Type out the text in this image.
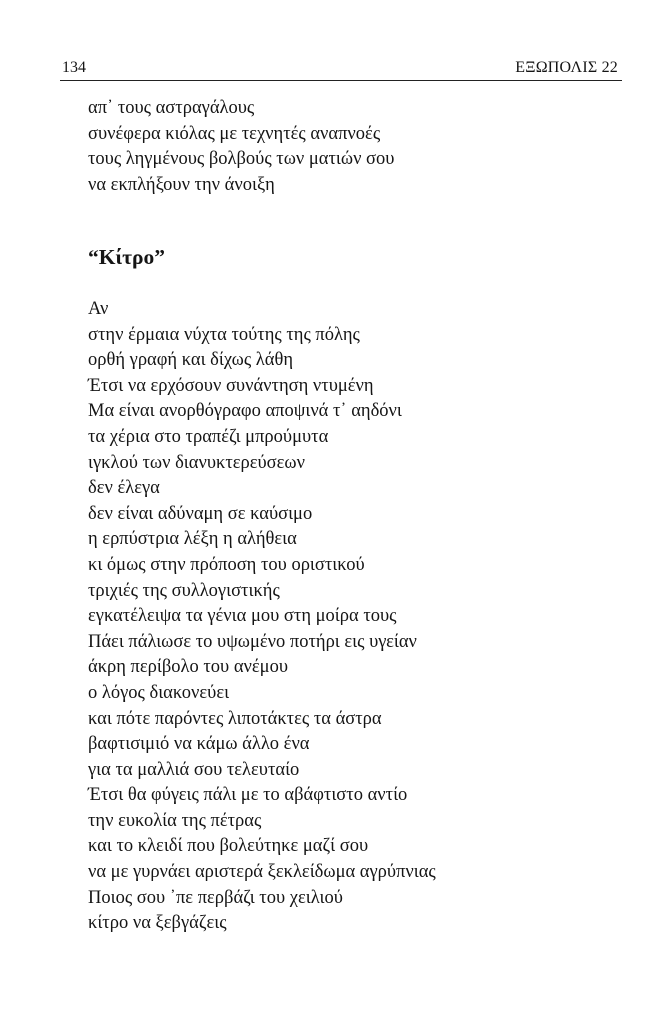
134	ΕΞΩΠΟΛΙΣ 22
απ᾽ τους αστραγάλους
συνέφερα κιόλας με τεχνητές αναπνοές
τους ληγμένους βολβούς των ματιών σου
να εκπλήξουν την άνοιξη
“Κίτρο”
Αν
στην έρμαια νύχτα τούτης της πόλης
ορθή γραφή και δίχως λάθη
Έτσι να ερχόσουν συνάντηση ντυμένη
Μα είναι ανορθόγραφο αποψινά τ᾽ αηδόνι
τα χέρια στο τραπέζι μπρούμυτα
ιγκλού των διανυκτερεύσεων
δεν έλεγα
δεν είναι αδύναμη σε καύσιμο
η ερπύστρια λέξη η αλήθεια
κι όμως στην πρόποση του οριστικού
τριχιές της συλλογιστικής
εγκατέλειψα τα γένια μου στη μοίρα τους
Πάει πάλιωσε το υψωμένο ποτήρι εις υγείαν
άκρη περίβολο του ανέμου
ο λόγος διακονεύει
και πότε παρόντες λιποτάκτες τα άστρα
βαφτισιμιό να κάμω άλλο ένα
για τα μαλλιά σου τελευταίο
Έτσι θα φύγεις πάλι με το αβάφτιστο αντίο
την ευκολία της πέτρας
και το κλειδί που βολεύτηκε μαζί σου
να με γυρνάει αριστερά ξεκλείδωμα αγρύπνιας
Ποιος σου ᾽πε περβάζι του χειλιού
κίτρο να ξεβγάζεις
